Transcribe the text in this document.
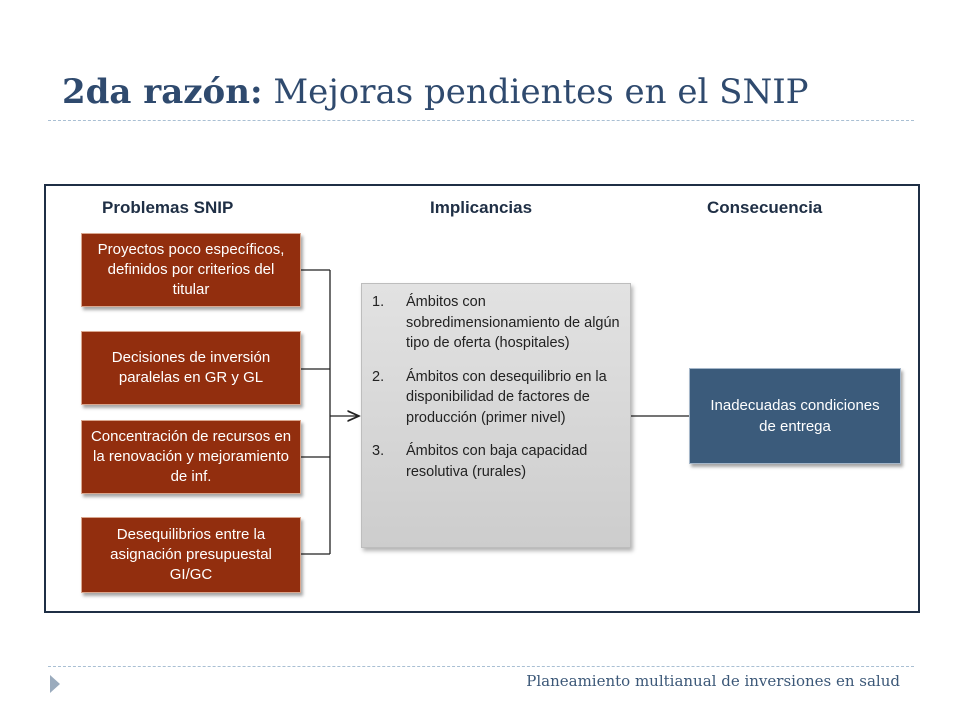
2da razón: Mejoras pendientes en el SNIP
Problemas SNIP	Implicancias	Consecuencia
Proyectos poco específicos, definidos por criterios del titular
Decisiones de inversión paralelas en GR y GL
Concentración de recursos en la renovación y mejoramiento de inf.
Desequilibrios entre la asignación presupuestal GI/GC
1.	Ámbitos con sobredimensionamiento de algún tipo de oferta (hospitales)
2.	Ámbitos con desequilibrio en la disponibilidad de factores de producción (primer nivel)
3.	Ámbitos con baja capacidad resolutiva (rurales)
Inadecuadas condiciones de entrega
Planeamiento multianual de inversiones en salud
